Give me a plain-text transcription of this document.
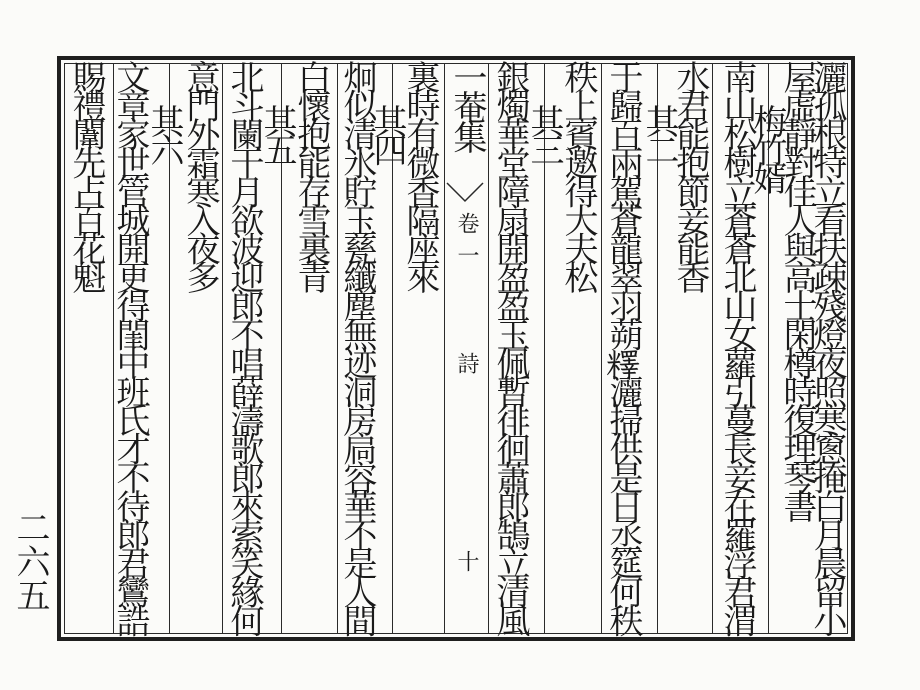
灑孤根特立看扶疎殘燈夜照寒窻掩白月晨留小
屋虛靜對佳人與高士閑樽時復理琴書
梅竹婿
南山松樹立蒼蒼北山女蘿引蔓長妾在羅浮君渭
水君能抱節妾能香
其二
于歸百兩駕蒼龍翠羽蒴𥼶灑掃供是日丞筵何秩
秩上賓邀得大夫松
其三
銀燭華堂障扇開盈盈玉佩暫徘徊蕭郎鵠立清風
一菴集
卷一
詩
十
裏時有微香隔座來
其四
炯似清氷貯玉甆纖塵無迹洞房扃容華不是人間
白懷抱能存雪裏青
其五
北斗闌干月欲波迎郎不唱薛濤歌郎來索笑緣何
意門外霜寒入夜多
其六
文章家世管城開更得閨中班氏才不待郎君鸞誥
賜禮闈先占百花魁
二六五
